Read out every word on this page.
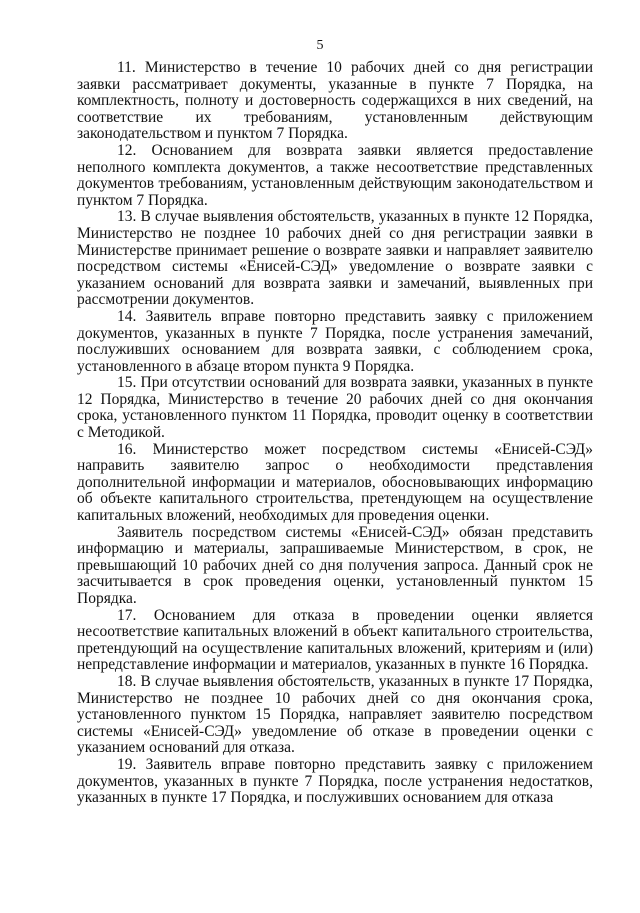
5

11. Министерство в течение 10 рабочих дней со дня регистрации заявки рассматривает документы, указанные в пункте 7 Порядка, на комплектность, полноту и достоверность содержащихся в них сведений, на соответствие их требованиям, установленным действующим законодательством и пунктом 7 Порядка.

12. Основанием для возврата заявки является предоставление неполного комплекта документов, а также несоответствие представленных документов требованиям, установленным действующим законодательством и пунктом 7 Порядка.

13. В случае выявления обстоятельств, указанных в пункте 12 Порядка, Министерство не позднее 10 рабочих дней со дня регистрации заявки в Министерстве принимает решение о возврате заявки и направляет заявителю посредством системы «Енисей-СЭД» уведомление о возврате заявки с указанием оснований для возврата заявки и замечаний, выявленных при рассмотрении документов.

14. Заявитель вправе повторно представить заявку с приложением документов, указанных в пункте 7 Порядка, после устранения замечаний, послуживших основанием для возврата заявки, с соблюдением срока, установленного в абзаце втором пункта 9 Порядка.

15. При отсутствии оснований для возврата заявки, указанных в пункте 12 Порядка, Министерство в течение 20 рабочих дней со дня окончания срока, установленного пунктом 11 Порядка, проводит оценку в соответствии с Методикой.

16. Министерство может посредством системы «Енисей-СЭД» направить заявителю запрос о необходимости представления дополнительной информации и материалов, обосновывающих информацию об объекте капитального строительства, претендующем на осуществление капитальных вложений, необходимых для проведения оценки.

Заявитель посредством системы «Енисей-СЭД» обязан представить информацию и материалы, запрашиваемые Министерством, в срок, не превышающий 10 рабочих дней со дня получения запроса. Данный срок не засчитывается в срок проведения оценки, установленный пунктом 15 Порядка.

17. Основанием для отказа в проведении оценки является несоответствие капитальных вложений в объект капитального строительства, претендующий на осуществление капитальных вложений, критериям и (или) непредставление информации и материалов, указанных в пункте 16 Порядка.

18. В случае выявления обстоятельств, указанных в пункте 17 Порядка, Министерство не позднее 10 рабочих дней со дня окончания срока, установленного пунктом 15 Порядка, направляет заявителю посредством системы «Енисей-СЭД» уведомление об отказе в проведении оценки с указанием оснований для отказа.

19. Заявитель вправе повторно представить заявку с приложением документов, указанных в пункте 7 Порядка, после устранения недостатков, указанных в пункте 17 Порядка, и послуживших основанием для отказа
